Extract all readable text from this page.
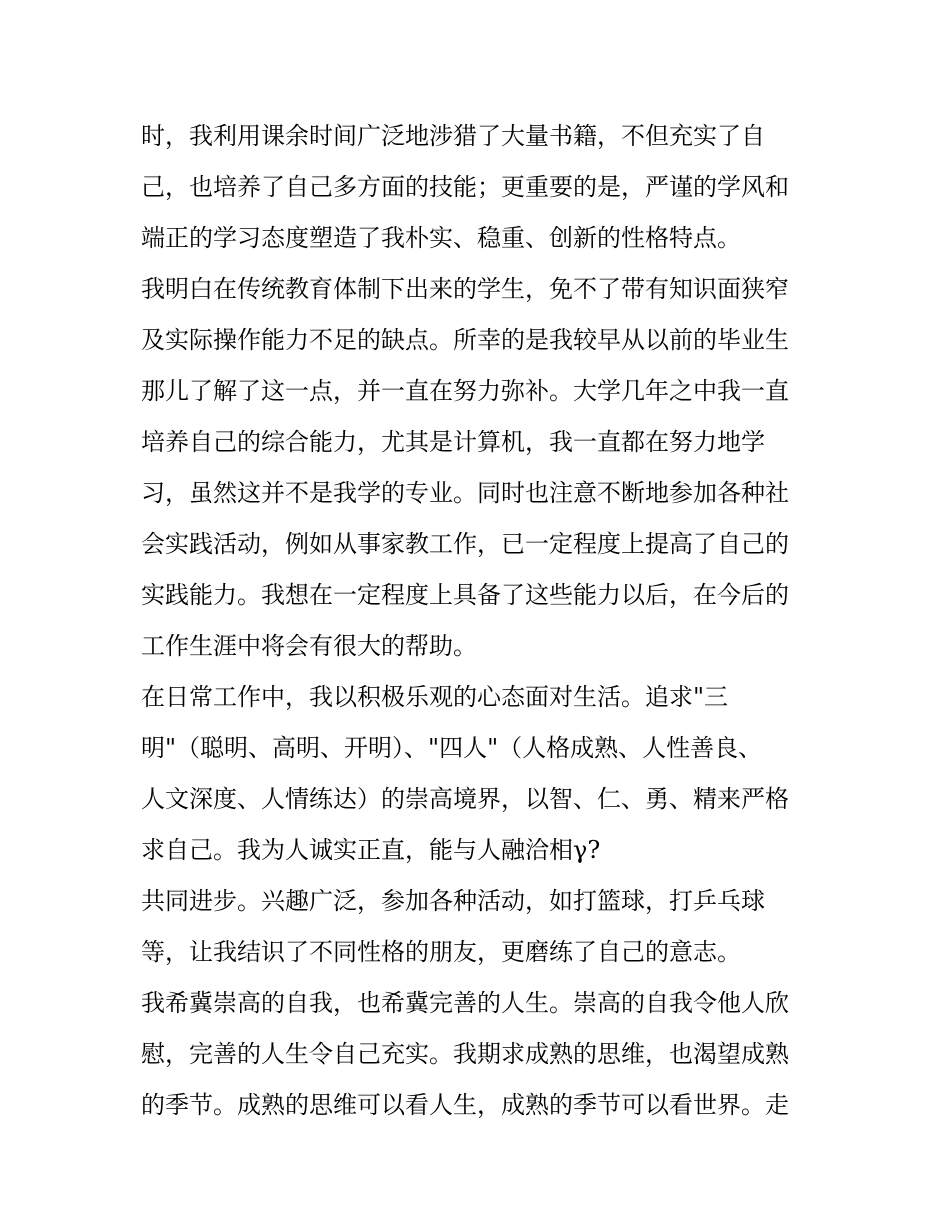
时，我利用课余时间广泛地涉猎了大量书籍，不但充实了自
己，也培养了自己多方面的技能；更重要的是，严谨的学风和
端正的学习态度塑造了我朴实、稳重、创新的性格特点。
我明白在传统教育体制下出来的学生，免不了带有知识面狭窄
及实际操作能力不足的缺点。所幸的是我较早从以前的毕业生
那儿了解了这一点，并一直在努力弥补。大学几年之中我一直
培养自己的综合能力，尤其是计算机，我一直都在努力地学
习，虽然这并不是我学的专业。同时也注意不断地参加各种社
会实践活动，例如从事家教工作，已一定程度上提高了自己的
实践能力。我想在一定程度上具备了这些能力以后，在今后的
工作生涯中将会有很大的帮助。
在日常工作中，我以积极乐观的心态面对生活。追求"三
明"（聪明、高明、开明）、"四人"（人格成熟、人性善良、
人文深度、人情练达）的崇高境界，以智、仁、勇、精来严格
求自己。我为人诚实正直，能与人融洽相γ?
共同进步。兴趣广泛，参加各种活动，如打篮球，打乒乓球
等，让我结识了不同性格的朋友，更磨练了自己的意志。
我希冀崇高的自我，也希冀完善的人生。崇高的自我令他人欣
慰，完善的人生令自己充实。我期求成熟的思维，也渴望成熟
的季节。成熟的思维可以看人生，成熟的季节可以看世界。走
